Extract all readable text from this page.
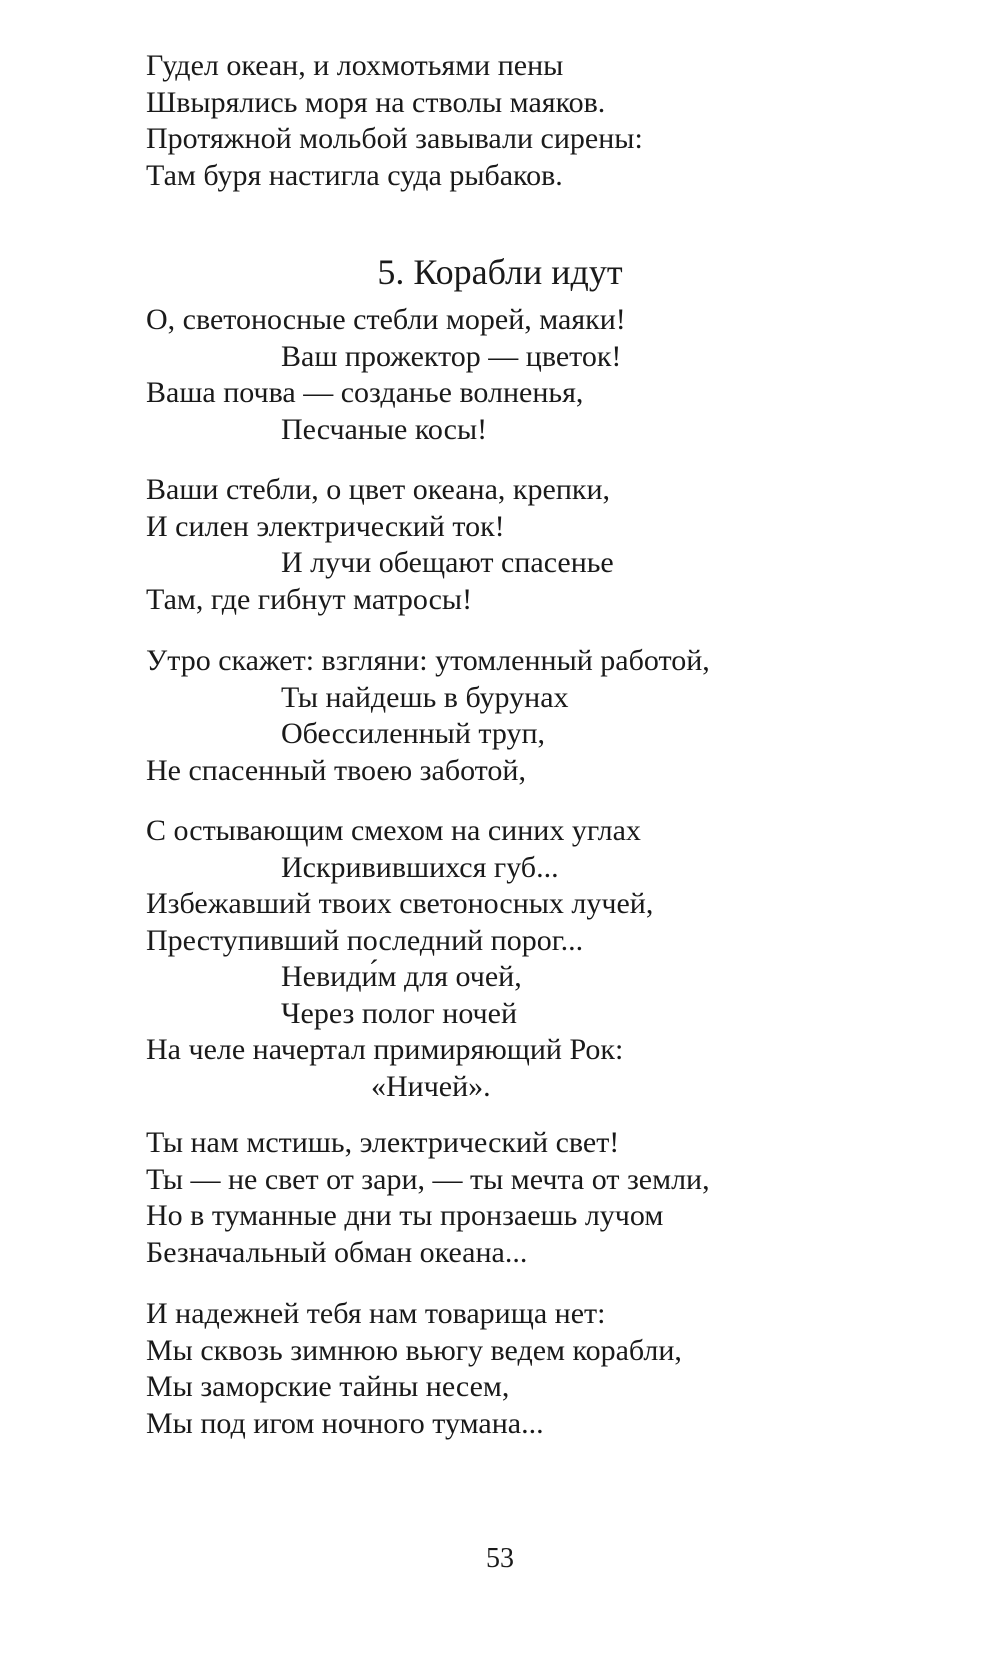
Гудел океан, и лохмотьями пены
Швырялись моря на стволы маяков.
Протяжной мольбой завывали сирены:
Там буря настигла суда рыбаков.
5. Корабли идут
О, светоносные стебли морей, маяки!
Ваш прожектор — цветок!
Ваша почва — созданье волненья,
Песчаные косы!
Ваши стебли, о цвет океана, крепки,
И силен электрический ток!
И лучи обещают спасенье
Там, где гибнут матросы!
Утро скажет: взгляни: утомленный работой,
Ты найдешь в бурунах
Обессиленный труп,
Не спасенный твоею заботой,
С остывающим смехом на синих углах
Искривившихся губ...
Избежавший твоих светоносных лучей,
Преступивший последний порог...
Невиди́м для очей,
Через полог ночей
На челе начертал примиряющий Рок:
«Ничей».
Ты нам мстишь, электрический свет!
Ты — не свет от зари, — ты мечта от земли,
Но в туманные дни ты пронзаешь лучом
Безначальный обман океана...
И надежней тебя нам товарища нет:
Мы сквозь зимнюю вьюгу ведем корабли,
Мы заморские тайны несем,
Мы под игом ночного тумана...
53
